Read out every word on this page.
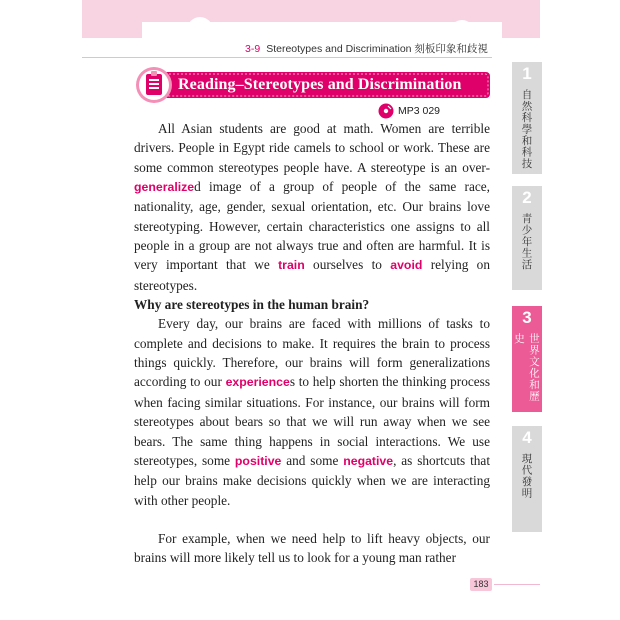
3-9 Stereotypes and Discrimination 刻板印象和歧視
Reading–Stereotypes and Discrimination
MP3 029

All Asian students are good at math. Women are terrible drivers. People in Egypt ride camels to school or work. These are some common stereotypes people have. A stereotype is an over-generalized image of a group of people of the same race, nationality, age, gender, sexual orientation, etc. Our brains love stereotyping. However, certain characteristics one assigns to all people in a group are not always true and often are harmful. It is very important that we train ourselves to avoid relying on stereotypes.

Why are stereotypes in the human brain?

Every day, our brains are faced with millions of tasks to complete and decisions to make. It requires the brain to process things quickly. Therefore, our brains will form generalizations according to our experiences to help shorten the thinking process when facing similar situations. For instance, our brains will form stereotypes about bears so that we will run away when we see bears. The same thing happens in social interactions. We use stereotypes, some positive and some negative, as shortcuts that help our brains make decisions quickly when we are interacting with other people.

For example, when we need help to lift heavy objects, our brains will more likely tell us to look for a young man rather

1
自然科學和科技
2
青少年生活
3
世界文化和歷史
4
現代發明
183
